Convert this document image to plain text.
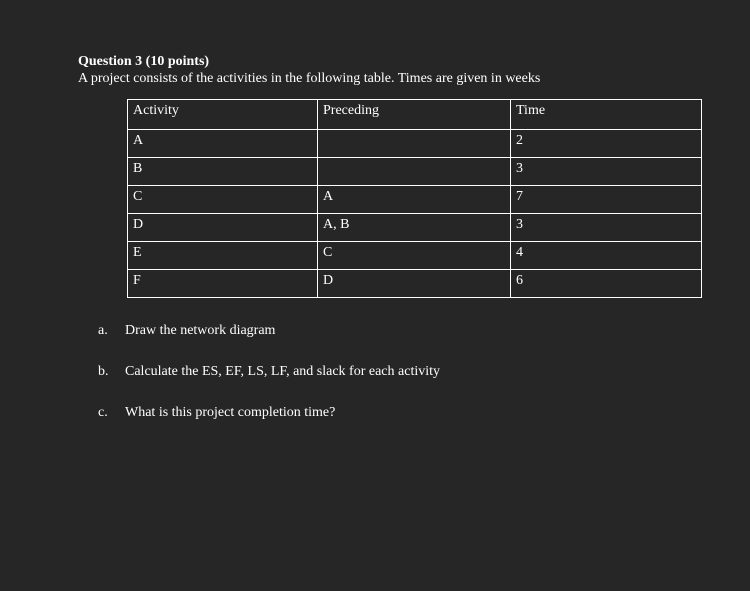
Question 3 (10 points)
A project consists of the activities in the following table. Times are given in weeks
Activity	Preceding	Time
A		2
B		3
C	A	7
D	A, B	3
E	C	4
F	D	6
a.	Draw the network diagram
b.	Calculate the ES, EF, LS, LF, and slack for each activity
c.	What is this project completion time?
